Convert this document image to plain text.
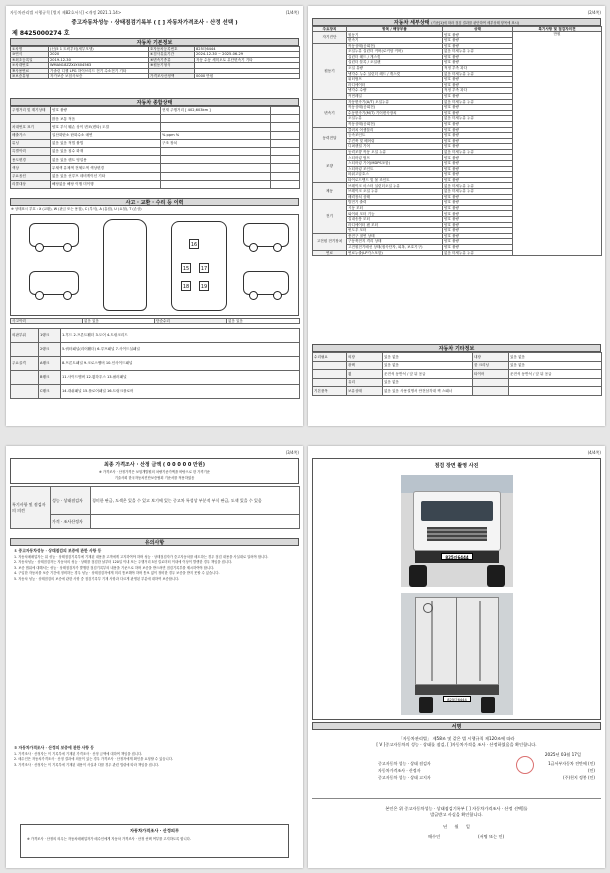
자동차관리법 시행규칙 [별지 제82호서식] <개정 2021.1.14>	(1/4쪽)
중고자동차성능 · 상태점검기록부 ( [ ] 자동차가격조사 · 산정 선택 )
제 8425000274 호
자동차 기본정보
①차명	(신)5 1 트럭부터(세부모델)	②자동차등록번호	825더6444
③연식	2020	④검사유효기간	2024-12-30 ~ 2025-06-29
⑤최초등록일	2019-12-30	⑥변속기종류	자동 수동 세미오토 무단변속기 기타
⑦차대번호	WMAN18ZZXLY404563	⑧원동기형식	
⑨사용연료	가솔린 디젤 LPG 하이브리드 전기 수소전기 기타		
⑩보증유형	자가보증 보험사보증	가격조사산정액	0000 만원
자동차 종합상태
주행거리 및 계기상태	양호 불량	현재 주행거리 [ 402,603km ]	
	많음 보통 적음		
차대번호 표기	양호 부식 훼손 상이 변조(변타) 도말		
배출가스	일산화탄소 탄화수소 매연	% ppm %	
튜닝	없음 있음 적법 불법	구조 장치	
특별이력	없음 있음 침수 화재		
용도변경	없음 있음 렌트 영업용		
색상	무채색 유채색 전체도색 색상변경		
주요옵션	없음 있음 선루프 네비게이션 기타		
리콜대상	해당없음 해당 이행 미이행		
사고 · 교환 · 수리 등 이력
※ 상태표시 부호 : X (교환), W (판금 또는 용접), C (부식), A (흠집), U (요철), T (손상)
16
15	17
18	19
사고이력	없음 있음	단순수리	없음 있음
외판부위	1랭크	1.후드 2.프론트휀더 3.도어 4.트렁크리드
	2랭크	5.쿼터패널(리어휀더) 6.루프패널 7.사이드실패널
주요골격	A랭크	8.프론트패널 9.크로스멤버 10.인사이드패널
	B랭크	11.사이드멤버 12.휠하우스 13.필러패널
	C랭크	14.대쉬패널 15.플로어패널 16.트렁크플로어
(2/4쪽)
자동차 세부상태 (기준[1]에 따라 점검 결과를 판단하여 세부상태 항목에 표시)
주요장치	항목 / 해당부품	상태	특기사항 및 점검자의견
자기진단	원동기	양호 불량	만원
	변속기	양호 불량	
원동기	작동상태(공회전)	양호 불량	
	오일누유 실린더 커버(로커암 커버)	없음 미세누유 누유	
	실린더 헤드 / 개스킷	양호 불량	
	실린더 블록 / 오일팬	양호 불량	
	오일 유량	적정 부족 과다	
	냉각수 누수 실린더 헤드 / 개스킷	없음 미세누유 누유	
	워터펌프	양호 불량	
	라디에이터	양호 불량	
	냉각수 수량	적정 부족 과다	
	커먼레일	양호 불량	
변속기	자동변속기(A/T) 오일누유	없음 미세누유 누유	
	작동상태(공회전)	양호 불량	
	수동변속기(M/T) 기어변속장치	양호 불량	
	오일누유	없음 미세누유 누유	
	작동상태(공회전)	양호 불량	
동력전달	클러치 어셈블리	양호 불량	
	등속조인트	양호 불량	
	추진축 및 베어링	양호 불량	
	디퍼렌셜 기어	양호 불량	
조향	동력조향 작동 오일 누유	없음 미세누유 누유	
	스티어링 펌프	양호 불량	
	스티어링 기어(MDPS포함)	양호 불량	
	스티어링 조인트	양호 불량	
	파워고압호스	양호 불량	
	타이로드엔드 및 볼 조인트	양호 불량	
제동	브레이크 마스터 실린더오일 누유	없음 미세누유 누유	
	브레이크 오일 누유	없음 미세누유 누유	
	배력장치 상태	양호 불량	
전기	발전기 출력	양호 불량	
	시동 모터	양호 불량	
	와이퍼 모터 기능	양호 불량	
	실내송풍 모터	양호 불량	
	라디에이터 팬 모터	양호 불량	
	윈도우 모터	양호 불량	
고전원 전기장치	충전구 절연 상태	양호 불량	
	구동축전지 격리 상태	양호 불량	
	고전원전기배선 상태(접속단자, 피복, 보호기구)	양호 불량	
연료	연료누출(LP가스포함)	없음 미세누유 누유	
자동차 기타정보
수리필요	외장	있음 없음	내장	있음 없음
	광택	있음 없음	룸 크리닝	있음 없음
	휠	운전석 동반석 / 앞 뒤 응급	타이어	운전석 동반석 / 앞 뒤 응급
	유리	있음 없음		
기본품목	보유상태	없음 있음 사용설명서 안전삼각대 잭 스패너		
(3/4쪽)
최종 가격조사 · 산정 금액 ( 0 0 0 0 0 만원)
※ 가격조사 · 산정가격은 보험개발원의 차량기준가액을 바탕으로 한 가격기준
기술사회 한국자동차진단보증협회 기준서를 적용하였음
특기사항 및 점검자의 의견	성능 · 상태점검자	경미한 판금, 도색은 있을 수 있고 보기에 있는 중고차 특성상 부분적 부식 판금, 도색 있을 수 있음
	가격 · 조사산정자	
유의사항

① 중고자동차성능 · 상태점검의 보증에 관한 사항 등

1. 자동차매매업자는 위 성능 · 상태점검기록부에 기재된 내용을 고객에게 고지하여야 하며 성능 · 상태점검자가 중고자동차를 매도하는 경우 점검 내용을 사실대로 알려야 합니다.

2. 자동차성능 · 상태점검자는 자동차의 성능 · 상태를 점검한 날부터 120일 이내 또는 주행거리 5천 킬로미터 이내에 이상이 발생한 경우 책임을 집니다.

3. 보증 범위에 대해서는 성능 · 상태점검자가 발행한 점검기록부의 내용을 기준으로 하며 보증을 받으려면 점검기록부를 제시하여야 합니다.

4. 구입한 자동차를 보증 기간에 정비하는 경우 성능 · 상태점검자에게 미리 통보해야 하며 통보 없이 정비한 경우 보증을 받지 못할 수 있습니다.

5. 자동차 성능 · 상태점검의 보증에 관한 사항 중 점검기록부 기재 사항과 다르게 판명된 부분에 대하여 보증합니다.

② 자동차가격조사 · 산정의 보증에 관한 사항 등

1. 가격조사 · 산정자는 이 기록부에 기재된 가격조사 · 산정 금액에 대하여 책임을 집니다.

2. 매수인은 자동차가격조사 · 산정 결과에 의문이 있는 경우 가격조사 · 산정자에게 확인을 요청할 수 있습니다.

3. 가격조사 · 산정자는 이 기록부에 기재된 내용이 사실과 다를 경우 관련 법령에 따라 책임을 집니다.

자동차가격조사 · 산정의무
※ 가격조사 · 산정의 의무는 자동차매매업자가 매수인에게 자동차 가격조사 · 산정 선택 여부를 고지하도록 합니다.
(4/4쪽)
점검 장면 촬영 사진
825더6444
825더6444
서명
「자동차관리법」 제58조 및 같은 법 시행규칙 제120조에 따라
[ V ]중고자동차의 성능 · 상태를 점검, [ ]자동차가격을 조사 · 산정하였음을 확인합니다.
2025년 03월 17일
중고자동차 성능 · 상태 점검자	1급서부자동차 전만에 (인)
자동차가격조사 · 산정자	(인)
중고자동차 성능 · 상태 고지자	(주)천지 정봉 (인)
본인은 위 중고자동차성능 · 상태점검기록부 [ ] 자동차가격조사 · 산정 선택]를
발급받고 사실을 확인합니다.
년 월 일
매수인	(서명 또는 인)
